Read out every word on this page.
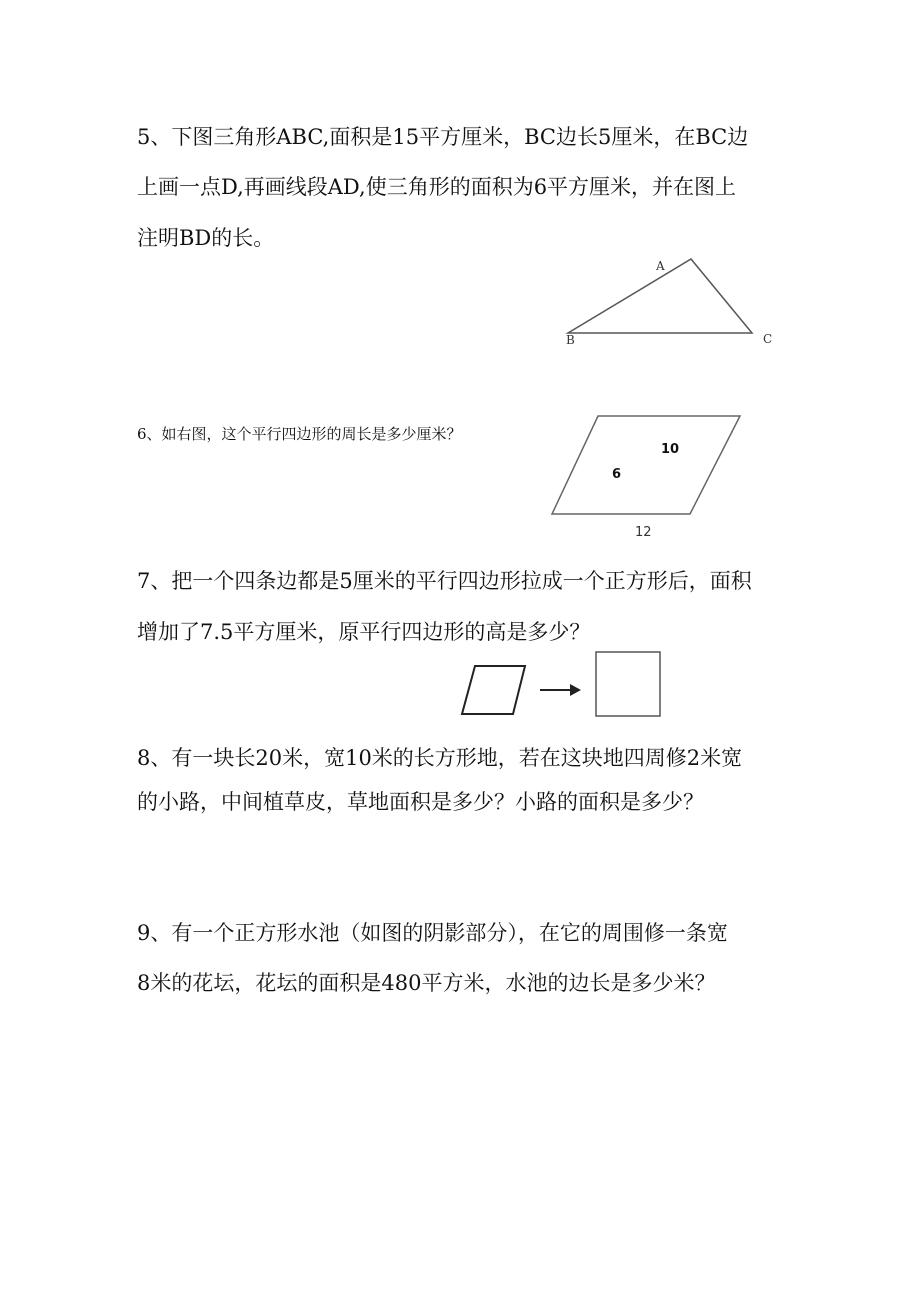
5、下图三角形ABC,面积是15平方厘米，BC边长5厘米，在BC边
上画一点D,再画线段AD,使三角形的面积为6平方厘米，并在图上
注明BD的长。
A
B	C
6、如右图，这个平行四边形的周长是多少厘米？
10
6
12
7、把一个四条边都是5厘米的平行四边形拉成一个正方形后，面积
增加了7.5平方厘米，原平行四边形的高是多少？
8、有一块长20米，宽10米的长方形地，若在这块地四周修2米宽
的小路，中间植草皮，草地面积是多少？小路的面积是多少？
9、有一个正方形水池（如图的阴影部分），在它的周围修一条宽
8米的花坛，花坛的面积是480平方米，水池的边长是多少米？
